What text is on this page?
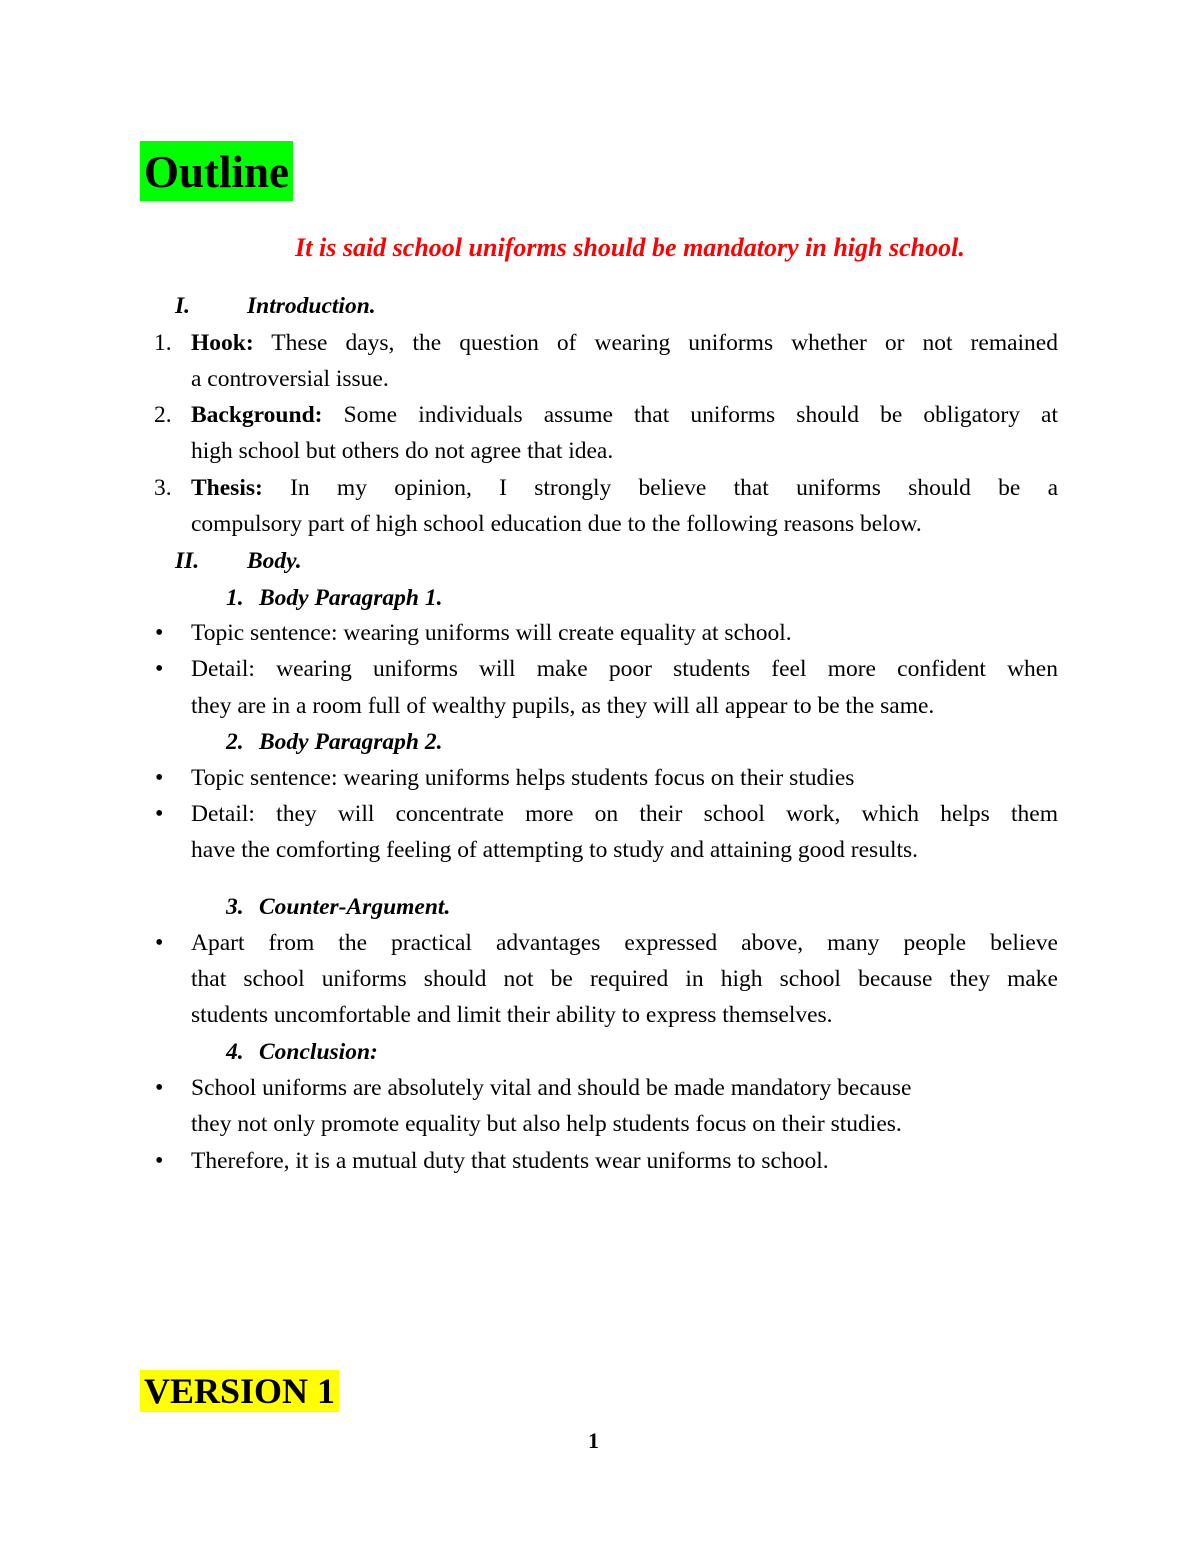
Outline
It is said school uniforms should be mandatory in high school.
I. Introduction.
1. Hook: These days, the question of wearing uniforms whether or not remained
a controversial issue.
2. Background: Some individuals assume that uniforms should be obligatory at
high school but others do not agree that idea.
3. Thesis: In my opinion, I strongly believe that uniforms should be a
compulsory part of high school education due to the following reasons below.
II. Body.
1. Body Paragraph 1.
• Topic sentence: wearing uniforms will create equality at school.
• Detail: wearing uniforms will make poor students feel more confident when
they are in a room full of wealthy pupils, as they will all appear to be the same.
2. Body Paragraph 2.
• Topic sentence: wearing uniforms helps students focus on their studies
• Detail: they will concentrate more on their school work, which helps them
have the comforting feeling of attempting to study and attaining good results.
3. Counter-Argument.
• Apart from the practical advantages expressed above, many people believe
that school uniforms should not be required in high school because they make
students uncomfortable and limit their ability to express themselves.
4. Conclusion:
• School uniforms are absolutely vital and should be made mandatory because
they not only promote equality but also help students focus on their studies.
• Therefore, it is a mutual duty that students wear uniforms to school.
VERSION 1
1
